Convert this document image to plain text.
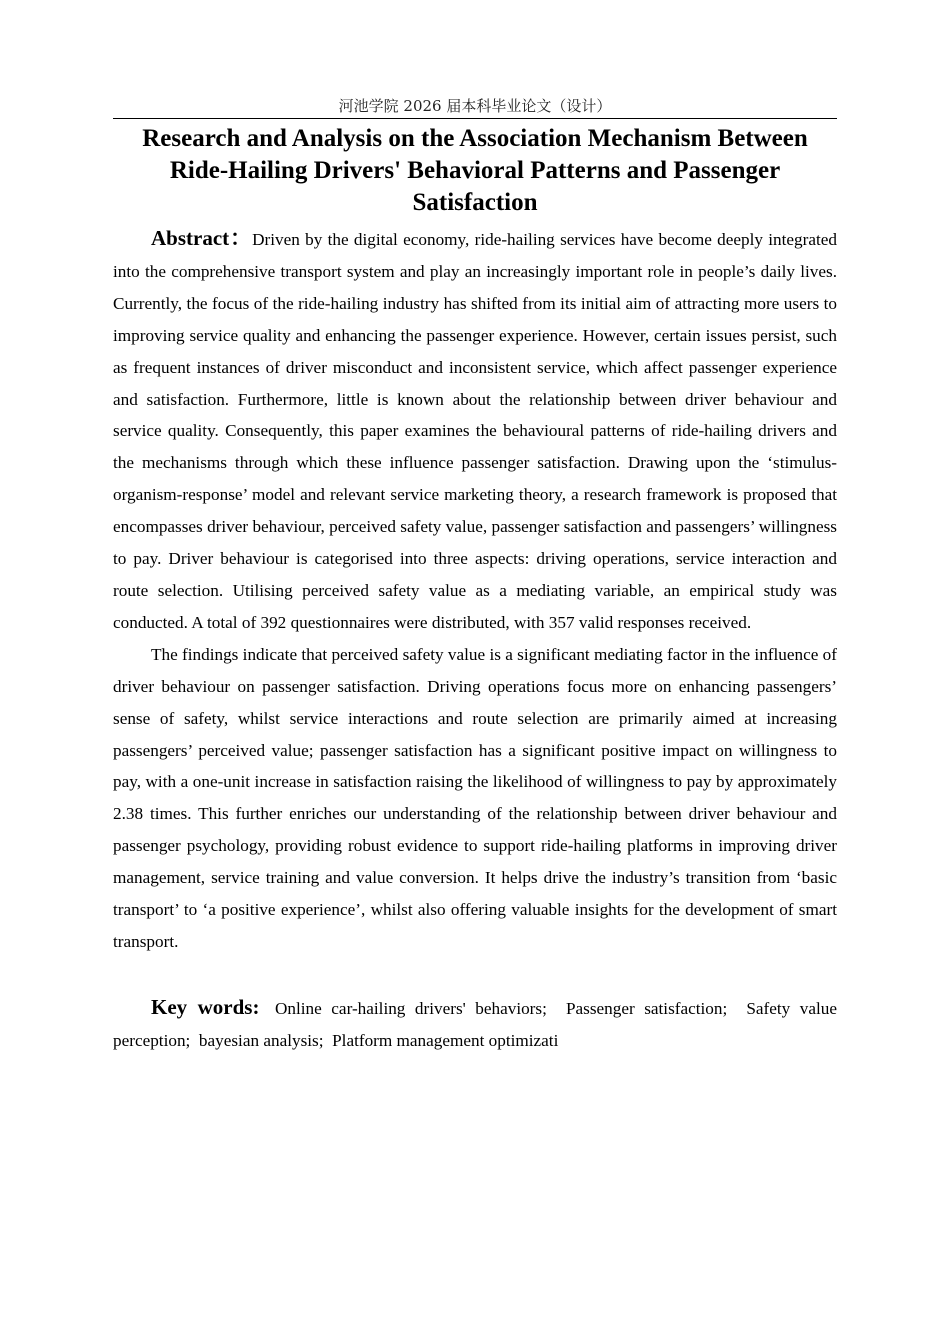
河池学院 2026 届本科毕业论文（设计）
Research and Analysis on the Association Mechanism Between
Ride-Hailing Drivers' Behavioral Patterns and Passenger
Satisfaction

Abstract：Driven by the digital economy, ride-hailing services have become deeply integrated into the comprehensive transport system and play an increasingly important role in people’s daily lives. Currently, the focus of the ride-hailing industry has shifted from its initial aim of attracting more users to improving service quality and enhancing the passenger experience. However, certain issues persist, such as frequent instances of driver misconduct and inconsistent service, which affect passenger experience and satisfaction. Furthermore, little is known about the relationship between driver behaviour and service quality. Consequently, this paper examines the behavioural patterns of ride-hailing drivers and the mechanisms through which these influence passenger satisfaction. Drawing upon the ‘stimulus-organism-response’ model and relevant service marketing theory, a research framework is proposed that encompasses driver behaviour, perceived safety value, passenger satisfaction and passengers’ willingness to pay. Driver behaviour is categorised into three aspects: driving operations, service interaction and route selection. Utilising perceived safety value as a mediating variable, an empirical study was conducted. A total of 392 questionnaires were distributed, with 357 valid responses received.

The findings indicate that perceived safety value is a significant mediating factor in the influence of driver behaviour on passenger satisfaction. Driving operations focus more on enhancing passengers’ sense of safety, whilst service interactions and route selection are primarily aimed at increasing passengers’ perceived value; passenger satisfaction has a significant positive impact on willingness to pay, with a one-unit increase in satisfaction raising the likelihood of willingness to pay by approximately 2.38 times. This further enriches our understanding of the relationship between driver behaviour and passenger psychology, providing robust evidence to support ride-hailing platforms in improving driver management, service training and value conversion. It helps drive the industry’s transition from ‘basic transport’ to ‘a positive experience’, whilst also offering valuable insights for the development of smart transport.

Key words: Online car-hailing drivers' behaviors ;  Passenger satisfaction ;  Safety value perception ;  bayesian analysis ;  Platform management optimizati
